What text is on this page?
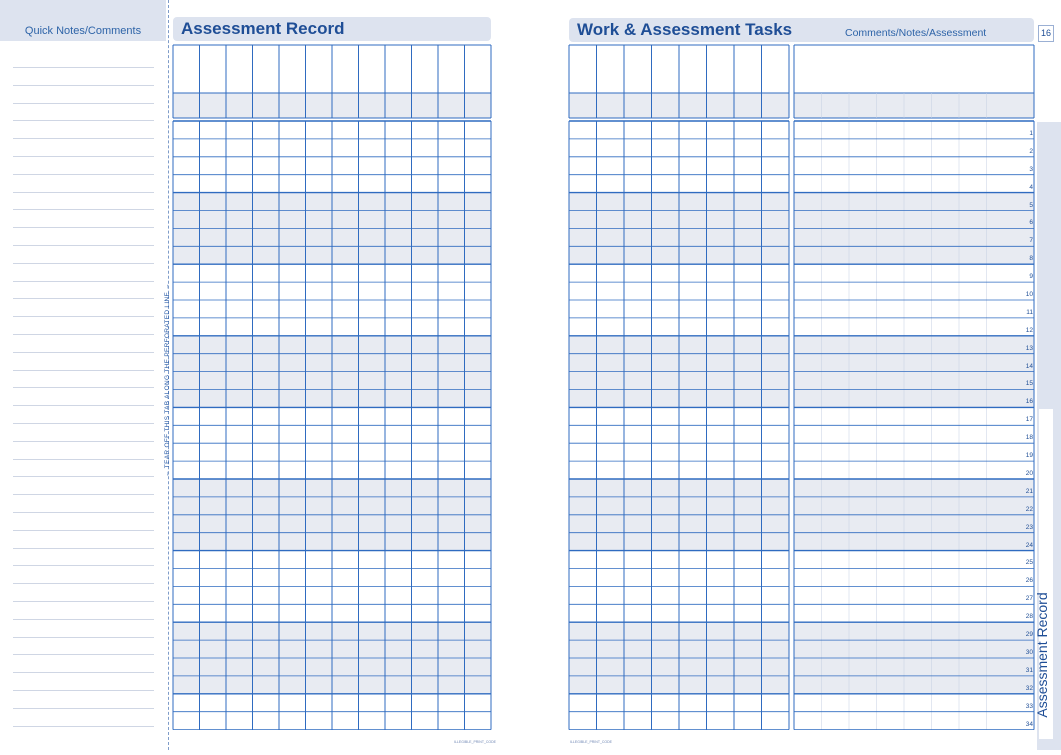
Quick Notes/Comments
← TEAR OFF THIS TAB ALONG THE PERFORATED LINE →
Assessment Record	Work & Assessment Tasks	Comments/Notes/Assessment	16
Assessment Record
1
2
3
4
5
6
7
8
9
10
11
12
13
14
15
16
17
18
19
20
21
22
23
24
25
26
27
28
29
30
31
32
33
34
ILLEGIBLE_PRINT_CODE	ILLEGIBLE_PRINT_CODE
